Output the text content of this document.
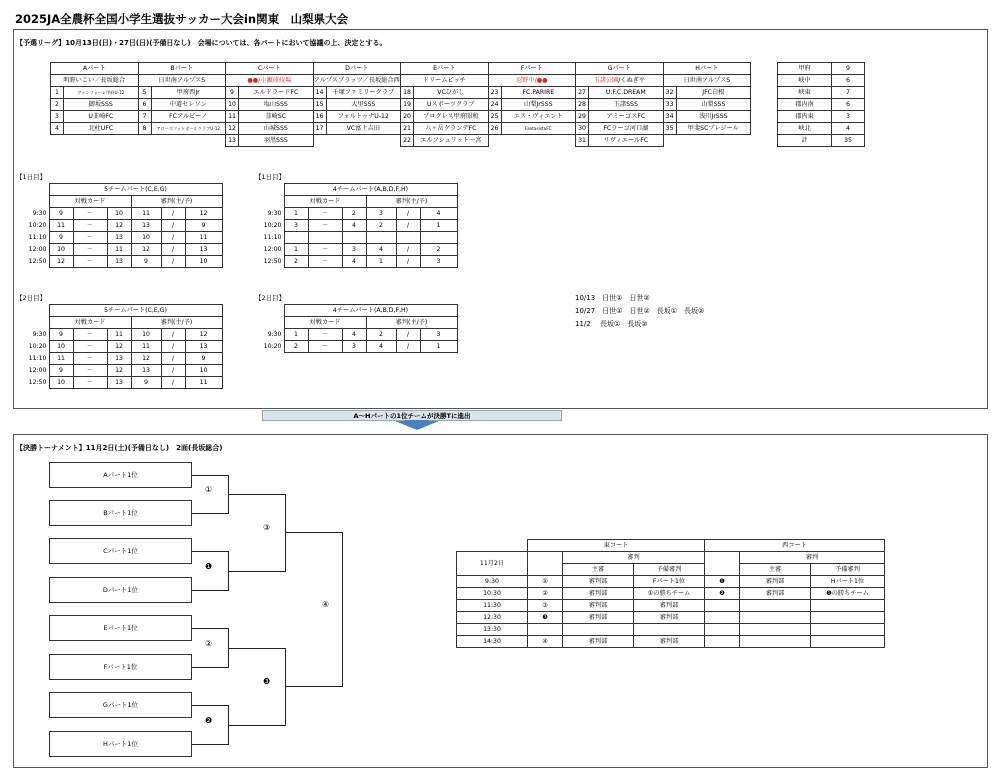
2025JA全農杯全国小学生選抜サッカー大会in関東　山梨県大会
【予選リーグ】10月13日(日)・27日(日)(予備日なし)　会場については、各パートにおいて協議の上、決定とする。
Aパート		Bパート		Cパート		Dパート		Eパート		Fパート		Gパート		Hパート	
明野いこい／長坂総合		日世南アルプスS		●●/小瀬球技場		アルプスブラッツ／長坂総合西		ドリームピッチ		忍野中/●●		玉諸公園/くぬぎ平		日世南アルプスS	
1	ヴァンフォーレ甲府U-12	5	甲府西Jr	9	エルドラードFC	14	千塚ファミリークラブ	18	VCひがし	23	FC.PARIRE	27	U.F.C.DREAM	32	JFC白根
2	御坂SSS	6	中道セレソン	10	塩山SSS	15	大里SSS	19	Uスポーツクラブ	24	山梨JrSSS	28	玉諸SSS	33	山梨SSS
3	U韮崎FC	7	FCアルビーノ	11	韮崎SC	16	フォルトゥナU-12	20	プログレス甲府昭和	25	エス・ヴィエント	29	アミーゴスFC	34	浅川JrSSS
4	北杜UFC	8	アローズフットボールクラブU-12	12	山城SSS	17	VC富士吉田	21	八ヶ岳グランデFC	26	FantasistaFC	30	FCラーゴ河口湖	35	甲斐SCプレジール
				13	羽黒SSS			22	エルフシュリット一宮			31	リヴィエールFC		
甲府	9
峡中	6
峡東	7
郡内南	6
郡内東	3
峡北	4
計	35
【1日目】
	5チームパート(C,E,G)					
	対戦カード			審判(主/予)		
9:30	9	－	10	11	/	12
10:20	11	－	12	13	/	9
11:10	9	－	13	10	/	11
12:00	10	－	11	12	/	13
12:50	12	－	13	9	/	10
【1日目】
	4チームパート(A,B,D,F,H)					
	対戦カード			審判(主/予)		
9:30	1	－	2	3	/	4
10:20	3	－	4	2	/	1
11:10						
12:00	1	－	3	4	/	2
12:50	2	－	4	1	/	3
【2日目】
	5チームパート(C,E,G)					
	対戦カード			審判(主/予)		
9:30	9	－	11	10	/	12
10:20	10	－	12	11	/	13
11:10	11	－	13	12	/	9
12:00	9	－	12	13	/	10
12:50	10	－	13	9	/	11
【2日目】
	4チームパート(A,B,D,F,H)					
	対戦カード			審判(主/予)		
9:30	1	－	4	2	/	3
10:20	2	－	3	4	/	1
10/13　日世①　日世②
10/27　日世①　日世②　長坂①　長坂②
11/2　 長坂①　長坂②
A～Hパートの1位チームが決勝Tに進出
【決勝トーナメント】11月2日(土)(予備日なし)　2面(長坂総合)
Aパート1位
Bパート1位
Cパート1位
Dパート1位
Eパート1位
Fパート1位
Gパート1位
Hパート1位
①
❶
②
❷
③
❸
④
	東コート			西コート		
11月2日		審判			審判	
		主審	予備審判		主審	予備審判
9:30	①	審判部	Fパート1位	❶	審判部	Hパート1位
10:30	②	審判部	①の勝ちチーム	❷	審判部	❶の勝ちチーム
11:30	③	審判部	審判部			
12:30	❸	審判部	審判部			
13:30						
14:30	④	審判部	審判部			
